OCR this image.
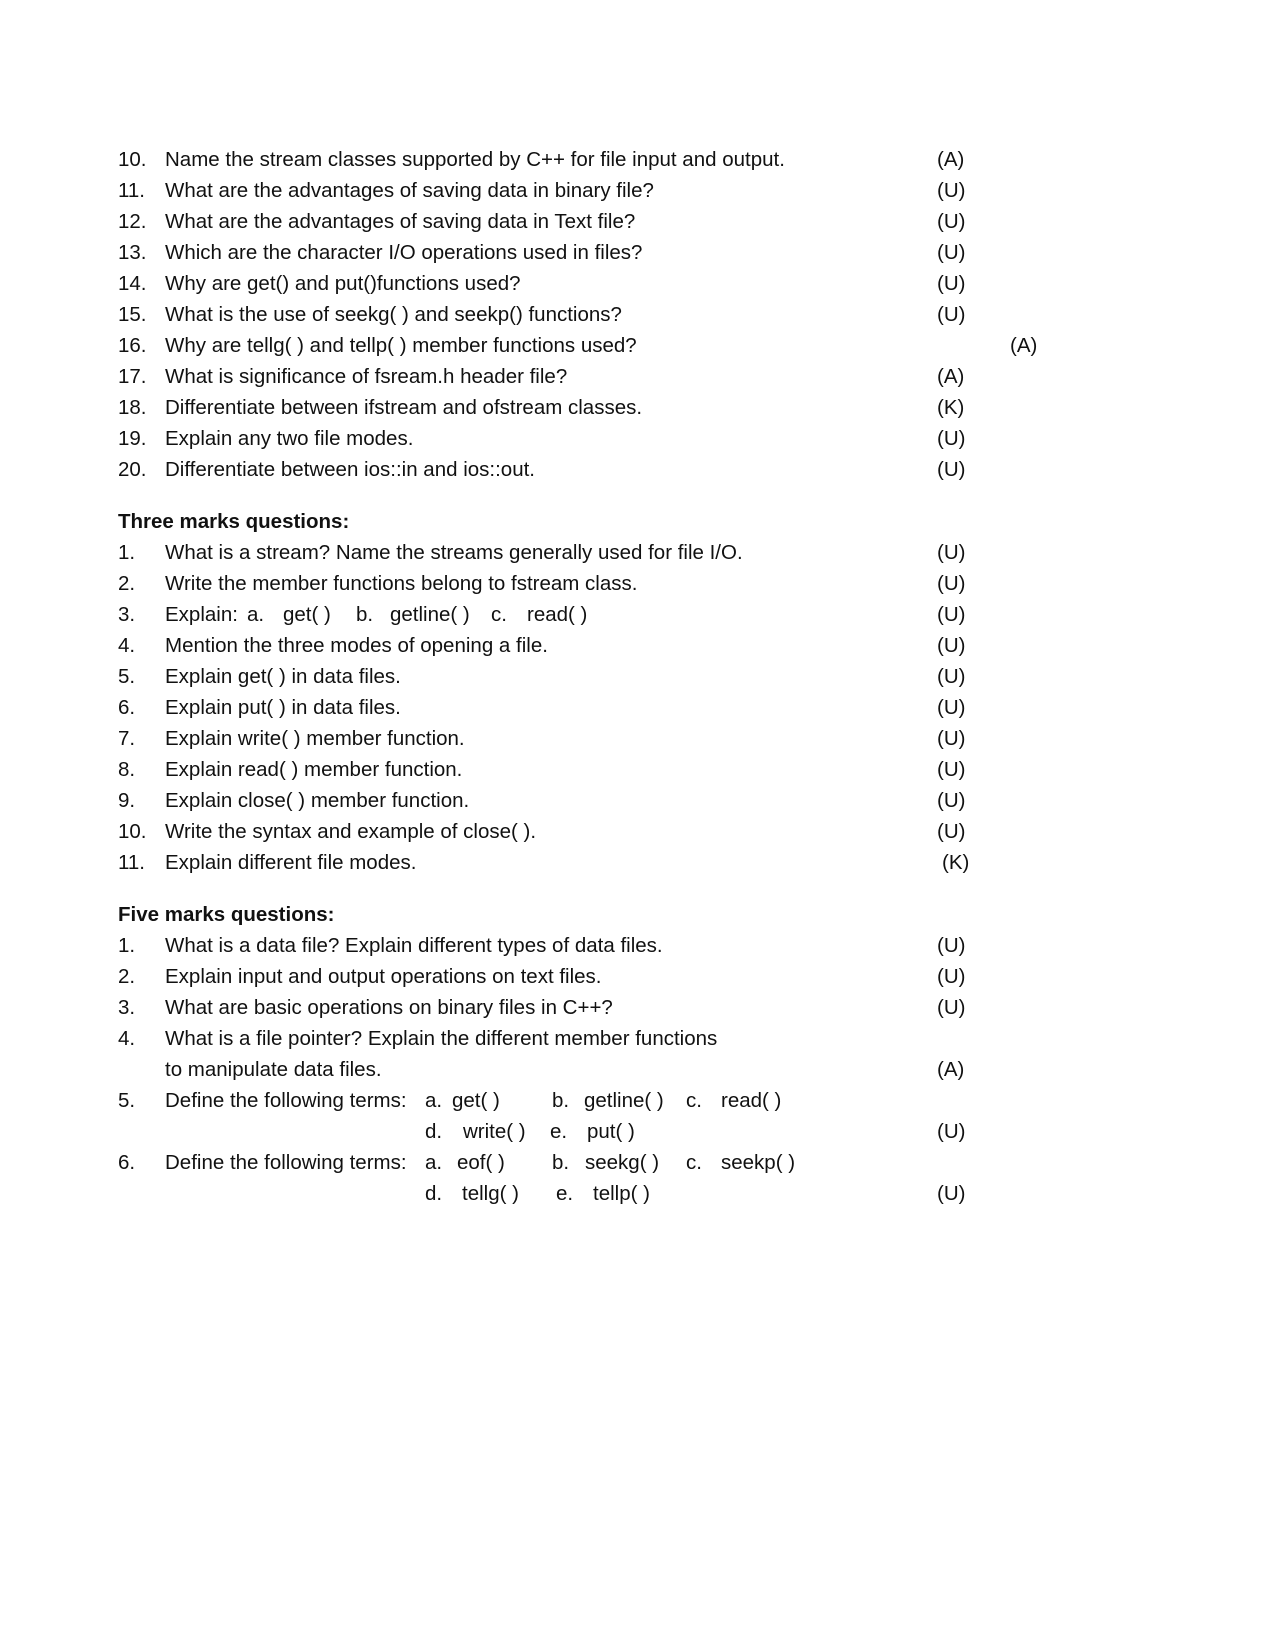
10. Name the stream classes supported by C++ for file input and output.	(A)
11. What are the advantages of saving data in binary file?	(U)
12. What are the advantages of saving data in Text file?	(U)
13. Which are the character I/O operations used in files?	(U)
14. Why are get() and put()functions used?	(U)
15. What is the use of seekg( ) and seekp() functions?	(U)
16. Why are tellg( ) and tellp( ) member functions used?	(A)
17. What is significance of fsream.h header file?	(A)
18. Differentiate between ifstream and ofstream classes.	(K)
19. Explain any two file modes.	(U)
20. Differentiate between ios::in and ios::out.	(U)
Three marks questions:
1. What is a stream? Name the streams generally used for file I/O.	(U)
2. Write the member functions belong to fstream class.	(U)
3. Explain: a. get( ) b. getline( ) c. read( )	(U)
4. Mention the three modes of opening a file.	(U)
5. Explain get( ) in data files.	(U)
6. Explain put( ) in data files.	(U)
7. Explain write( ) member function.	(U)
8. Explain read( ) member function.	(U)
9. Explain close( ) member function.	(U)
10. Write the syntax and example of close( ).	(U)
11. Explain different file modes.	(K)
Five marks questions:
1. What is a data file? Explain different types of data files.	(U)
2. Explain input and output operations on text files.	(U)
3. What are basic operations on binary files in C++?	(U)
4. What is a file pointer? Explain the different member functions
to manipulate data files.	(A)
5. Define the following terms: a. get( )	b. getline( ) c. read( )
d. write( ) e. put( )	(U)
6. Define the following terms: a. eof( ) b. seekg( ) c. seekp( )
d. tellg( ) e. tellp( )	(U)
